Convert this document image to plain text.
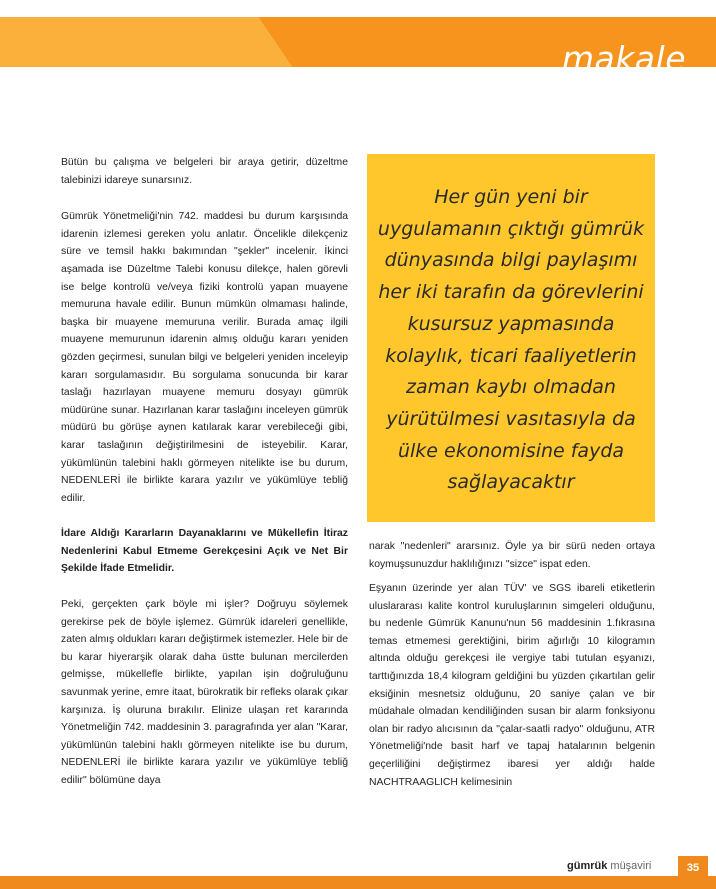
makale

Bütün bu çalışma ve belgeleri bir araya getirir, düzeltme talebinizi idareye sunarsınız.

Gümrük Yönetmeliği'nin 742. maddesi bu durum karşısında idarenin izlemesi gereken yolu anlatır. Öncelikle dilekçeniz süre ve temsil hakkı bakımından "şekler" incelenir. İkinci aşamada ise Düzeltme Talebi konusu dilekçe, halen görevli ise belge kontrolü ve/veya fiziki kontrolü yapan muayene memuruna havale edilir. Bunun mümkün olmaması halinde, başka bir muayene memuruna verilir. Burada amaç ilgili muayene memurunun idarenin almış olduğu kararı yeniden gözden geçirmesi, sunulan bilgi ve belgeleri yeniden inceleyip kararı sorgulamasıdır. Bu sorgulama sonucunda bir karar taslağı hazırlayan muayene memuru dosyayı gümrük müdürüne sunar. Hazırlanan karar taslağını inceleyen gümrük müdürü bu görüşe aynen katılarak karar verebileceği gibi, karar taslağının değiştirilmesini de isteyebilir. Karar, yükümlünün talebini haklı görmeyen nitelikte ise bu durum, NEDENLERİ ile birlikte karara yazılır ve yükümlüye tebliğ edilir.

İdare Aldığı Kararların Dayanaklarını ve Mükellefin İtiraz Nedenlerini Kabul Etmeme Gerekçesini Açık ve Net Bir Şekilde İfade Etmelidir.

Peki, gerçekten çark böyle mi işler? Doğruyu söylemek gerekirse pek de böyle işlemez. Gümrük idareleri genellikle, zaten almış oldukları kararı değiştirmek istemezler. Hele bir de bu karar hiyerarşik olarak daha üstte bulunan mercilerden gelmişse, mükellefle birlikte, yapılan işin doğruluğunu savunmak yerine, emre itaat, bürokratik bir refleks olarak çıkar karşınıza. İş oluruna bırakılır. Elinize ulaşan ret kararında Yönetmeliğin 742. maddesinin 3. paragrafında yer alan "Karar, yükümlünün talebini haklı görmeyen nitelikte ise bu durum, NEDENLERİ ile birlikte karara yazılır ve yükümlüye tebliğ edilir" bölümüne daya

Her gün yeni bir uygulamanın çıktığı gümrük dünyasında bilgi paylaşımı her iki tarafın da görevlerini kusursuz yapmasında kolaylık, ticari faaliyetlerin zaman kaybı olmadan yürütülmesi vasıtasıyla da ülke ekonomisine fayda sağlayacaktır

narak "nedenleri" ararsınız. Öyle ya bir sürü neden ortaya koymuşsunuzdur haklılığınızı "sizce" ispat eden.

Eşyanın üzerinde yer alan TÜV' ve SGS ibareli etiketlerin uluslararası kalite kontrol kuruluşlarının simgeleri olduğunu, bu nedenle Gümrük Kanunu'nun 56 maddesinin 1.fıkrasına temas etmemesi gerektiğini, birim ağırlığı 10 kilogramın altında olduğu gerekçesi ile vergiye tabi tutulan eşyanızı, tarttığınızda 18,4 kilogram geldiğini bu yüzden çıkartılan gelir eksiğinin mesnetsiz olduğunu, 20 saniye çalan ve bir müdahale olmadan kendiliğinden susan bir alarm fonksiyonu olan bir radyo alıcısının da "çalar-saatli radyo" olduğunu, ATR Yönetmeliği'nde basit harf ve tapaj hatalarının belgenin geçerliliğini değiştirmez ibaresi yer aldığı halde NACHTRAAGLICH kelimesinin

gümrük müşaviri	35
